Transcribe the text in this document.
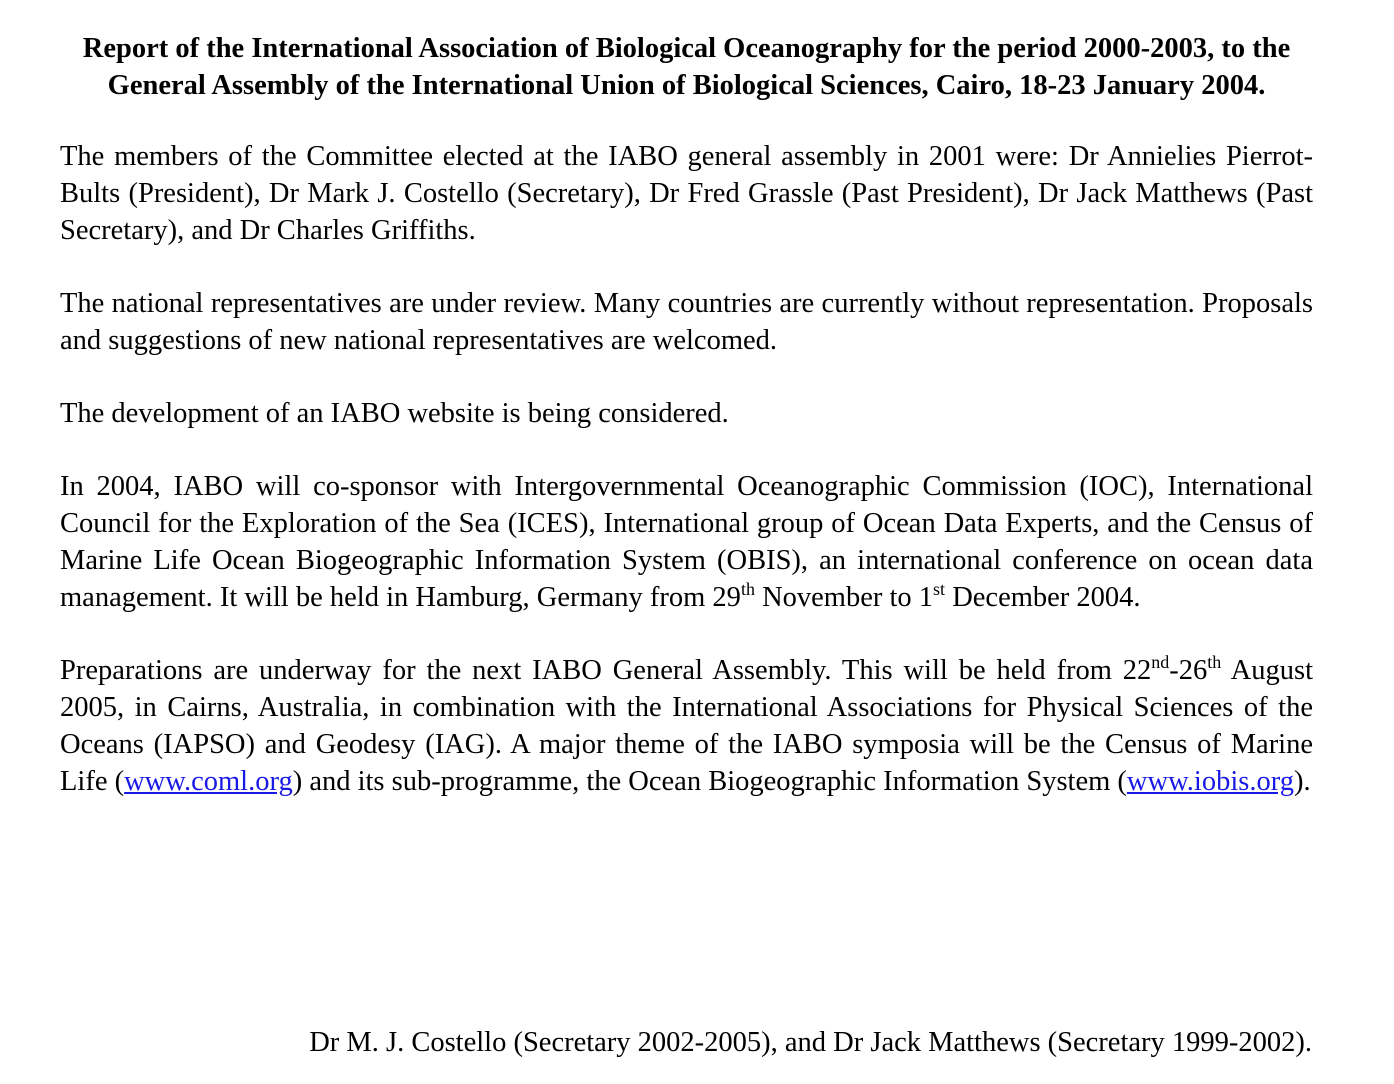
Report of the International Association of Biological Oceanography for the period 2000-2003, to the General Assembly of the International Union of Biological Sciences, Cairo, 18-23 January 2004.

The members of the Committee elected at the IABO general assembly in 2001 were: Dr Annielies Pierrot-Bults (President), Dr Mark J. Costello (Secretary), Dr Fred Grassle (Past President), Dr Jack Matthews (Past Secretary), and Dr Charles Griffiths.

The national representatives are under review. Many countries are currently without representation. Proposals and suggestions of new national representatives are welcomed.

The development of an IABO website is being considered.

In 2004, IABO will co-sponsor with Intergovernmental Oceanographic Commission (IOC), International Council for the Exploration of the Sea (ICES), International group of Ocean Data Experts, and the Census of Marine Life Ocean Biogeographic Information System (OBIS), an international conference on ocean data management. It will be held in Hamburg, Germany from 29th November to 1st December 2004.

Preparations are underway for the next IABO General Assembly. This will be held from 22nd-26th August 2005, in Cairns, Australia, in combination with the International Associations for Physical Sciences of the Oceans (IAPSO) and Geodesy (IAG). A major theme of the IABO symposia will be the Census of Marine Life (www.coml.org) and its sub-programme, the Ocean Biogeographic Information System (www.iobis.org).

Dr M. J. Costello (Secretary 2002-2005), and Dr Jack Matthews (Secretary 1999-2002).
